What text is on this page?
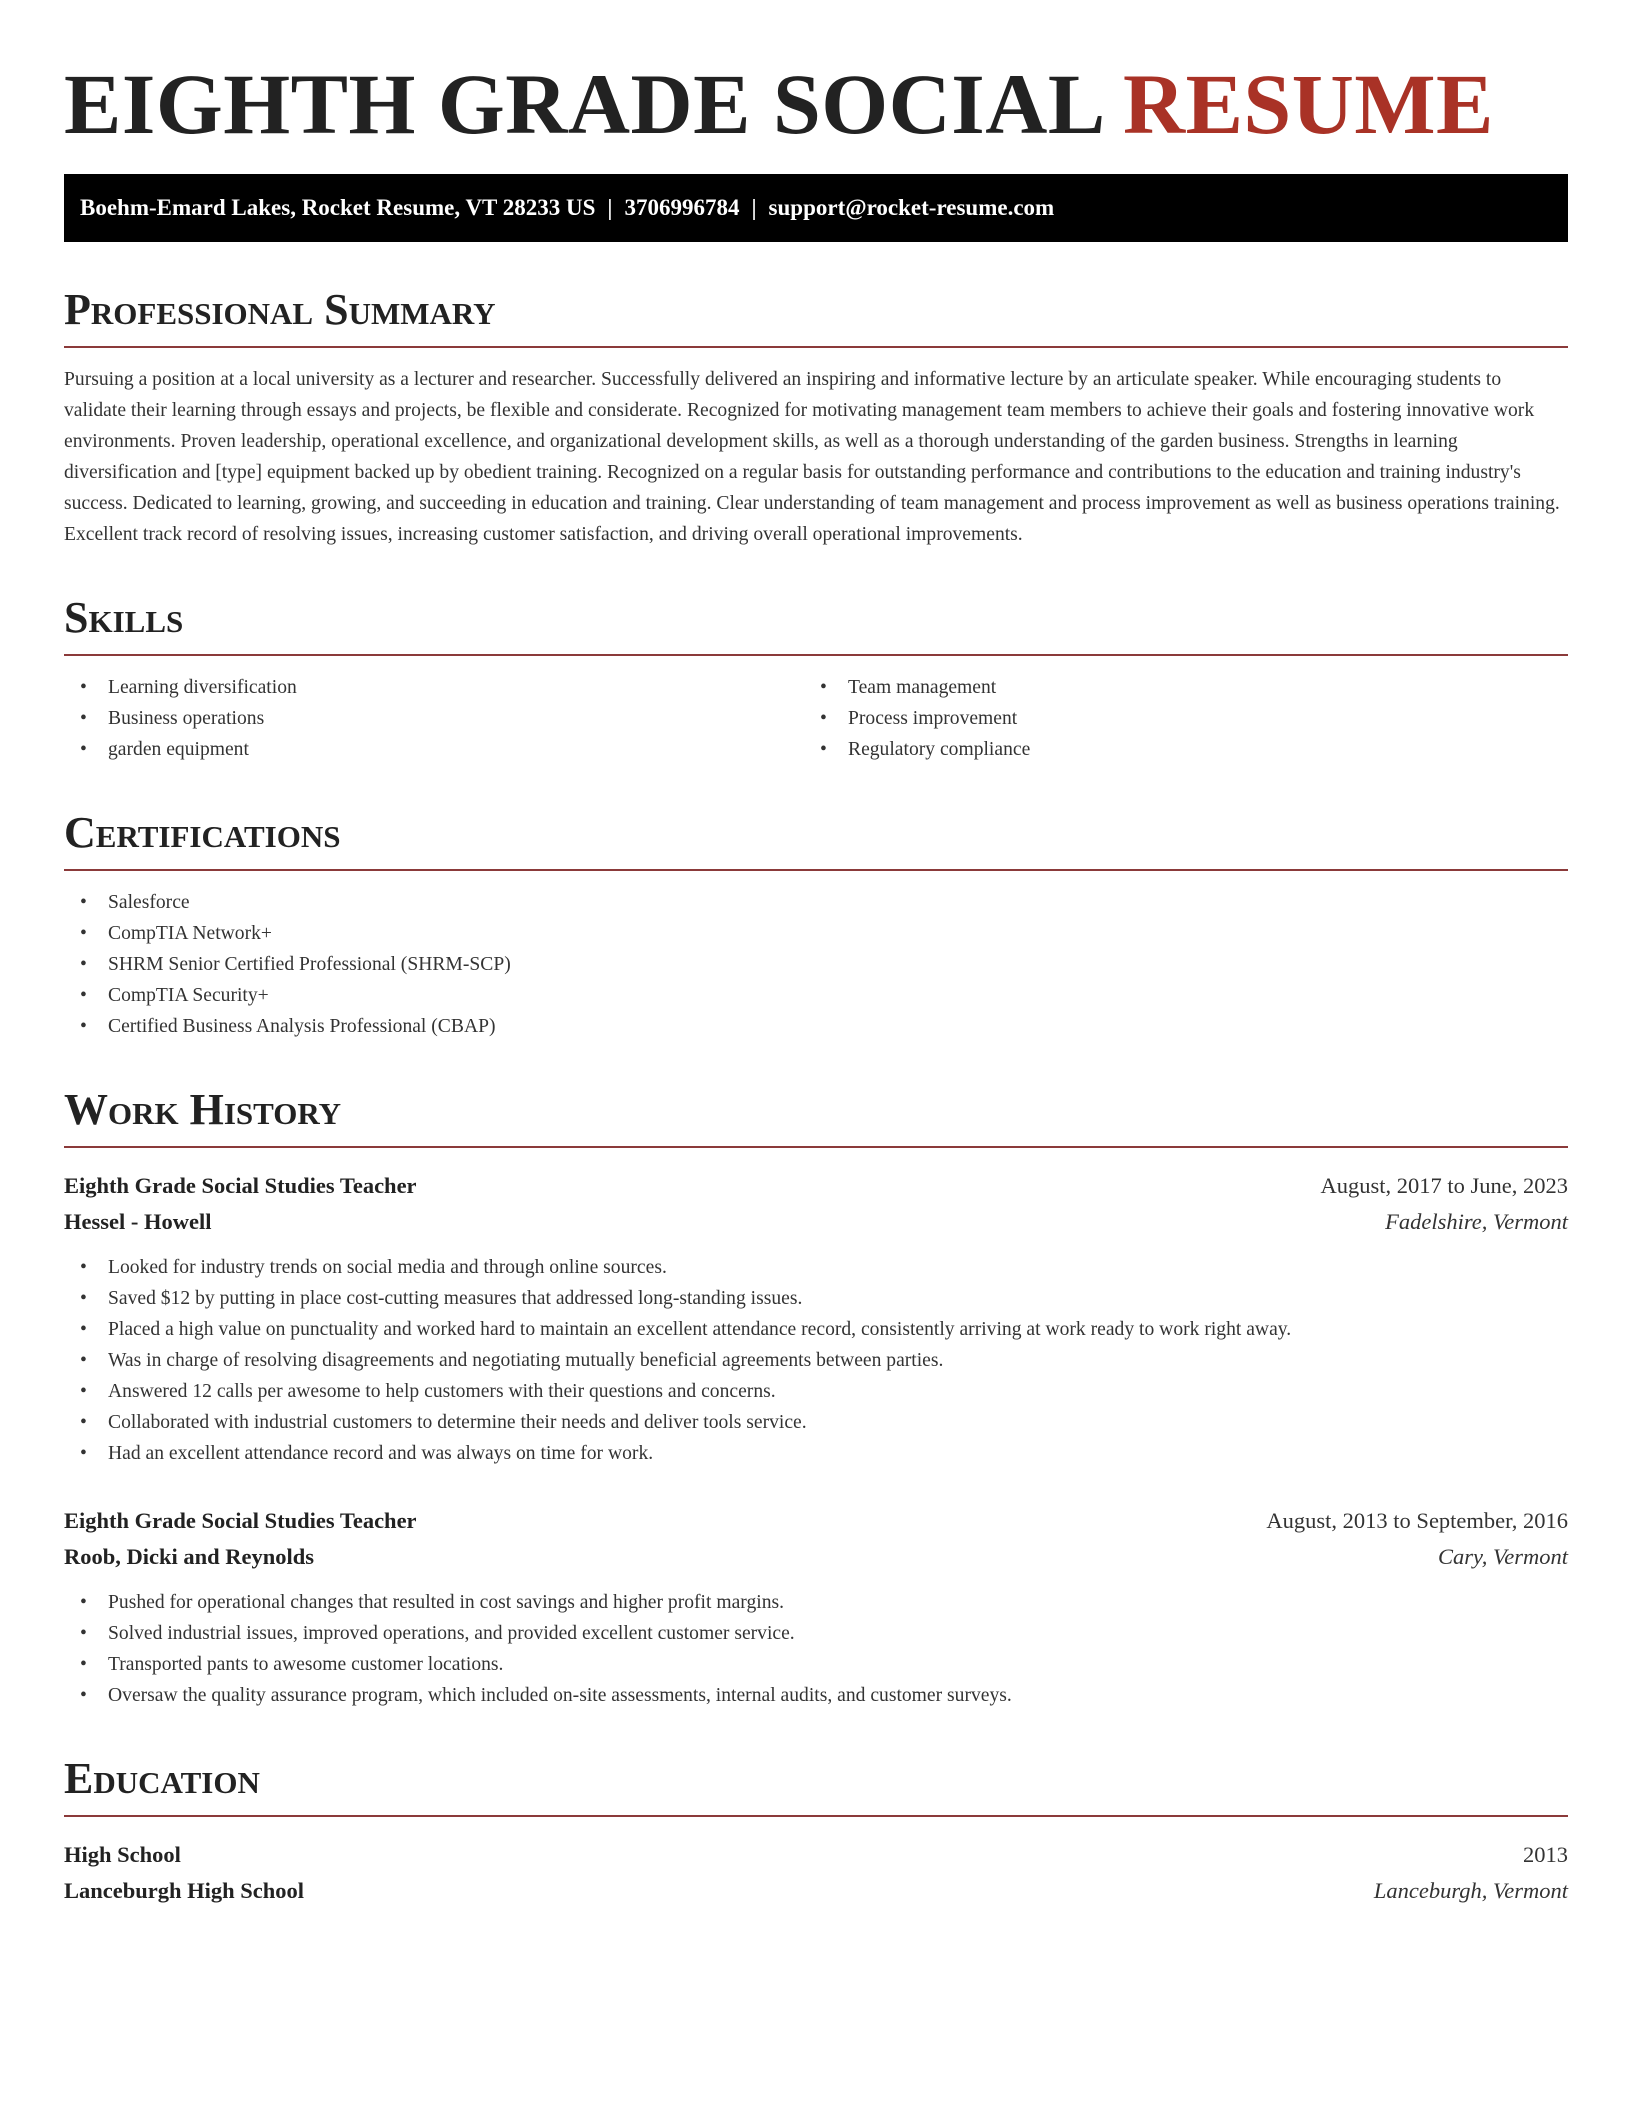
EIGHTH GRADE SOCIAL RESUME
Boehm-Emard Lakes, Rocket Resume, VT 28233 US | 3706996784 | support@rocket-resume.com
Professional Summary

Pursuing a position at a local university as a lecturer and researcher. Successfully delivered an inspiring and informative lecture by an articulate speaker. While encouraging students to validate their learning through essays and projects, be flexible and considerate. Recognized for motivating management team members to achieve their goals and fostering innovative work environments. Proven leadership, operational excellence, and organizational development skills, as well as a thorough understanding of the garden business. Strengths in learning diversification and [type] equipment backed up by obedient training. Recognized on a regular basis for outstanding performance and contributions to the education and training industry's success. Dedicated to learning, growing, and succeeding in education and training. Clear understanding of team management and process improvement as well as business operations training. Excellent track record of resolving issues, increasing customer satisfaction, and driving overall operational improvements.

Skills
• Learning diversification
• Business operations
• garden equipment
• Team management
• Process improvement
• Regulatory compliance
Certifications
• Salesforce
• CompTIA Network+
• SHRM Senior Certified Professional (SHRM-SCP)
• CompTIA Security+
• Certified Business Analysis Professional (CBAP)
Work History
Eighth Grade Social Studies Teacher	August, 2017 to June, 2023
Hessel - Howell	Fadelshire, Vermont
• Looked for industry trends on social media and through online sources.
• Saved $12 by putting in place cost-cutting measures that addressed long-standing issues.
• Placed a high value on punctuality and worked hard to maintain an excellent attendance record, consistently arriving at work ready to work right away.
• Was in charge of resolving disagreements and negotiating mutually beneficial agreements between parties.
• Answered 12 calls per awesome to help customers with their questions and concerns.
• Collaborated with industrial customers to determine their needs and deliver tools service.
• Had an excellent attendance record and was always on time for work.
Eighth Grade Social Studies Teacher	August, 2013 to September, 2016
Roob, Dicki and Reynolds	Cary, Vermont
• Pushed for operational changes that resulted in cost savings and higher profit margins.
• Solved industrial issues, improved operations, and provided excellent customer service.
• Transported pants to awesome customer locations.
• Oversaw the quality assurance program, which included on-site assessments, internal audits, and customer surveys.
Education
High School	2013
Lanceburgh High School	Lanceburgh, Vermont
